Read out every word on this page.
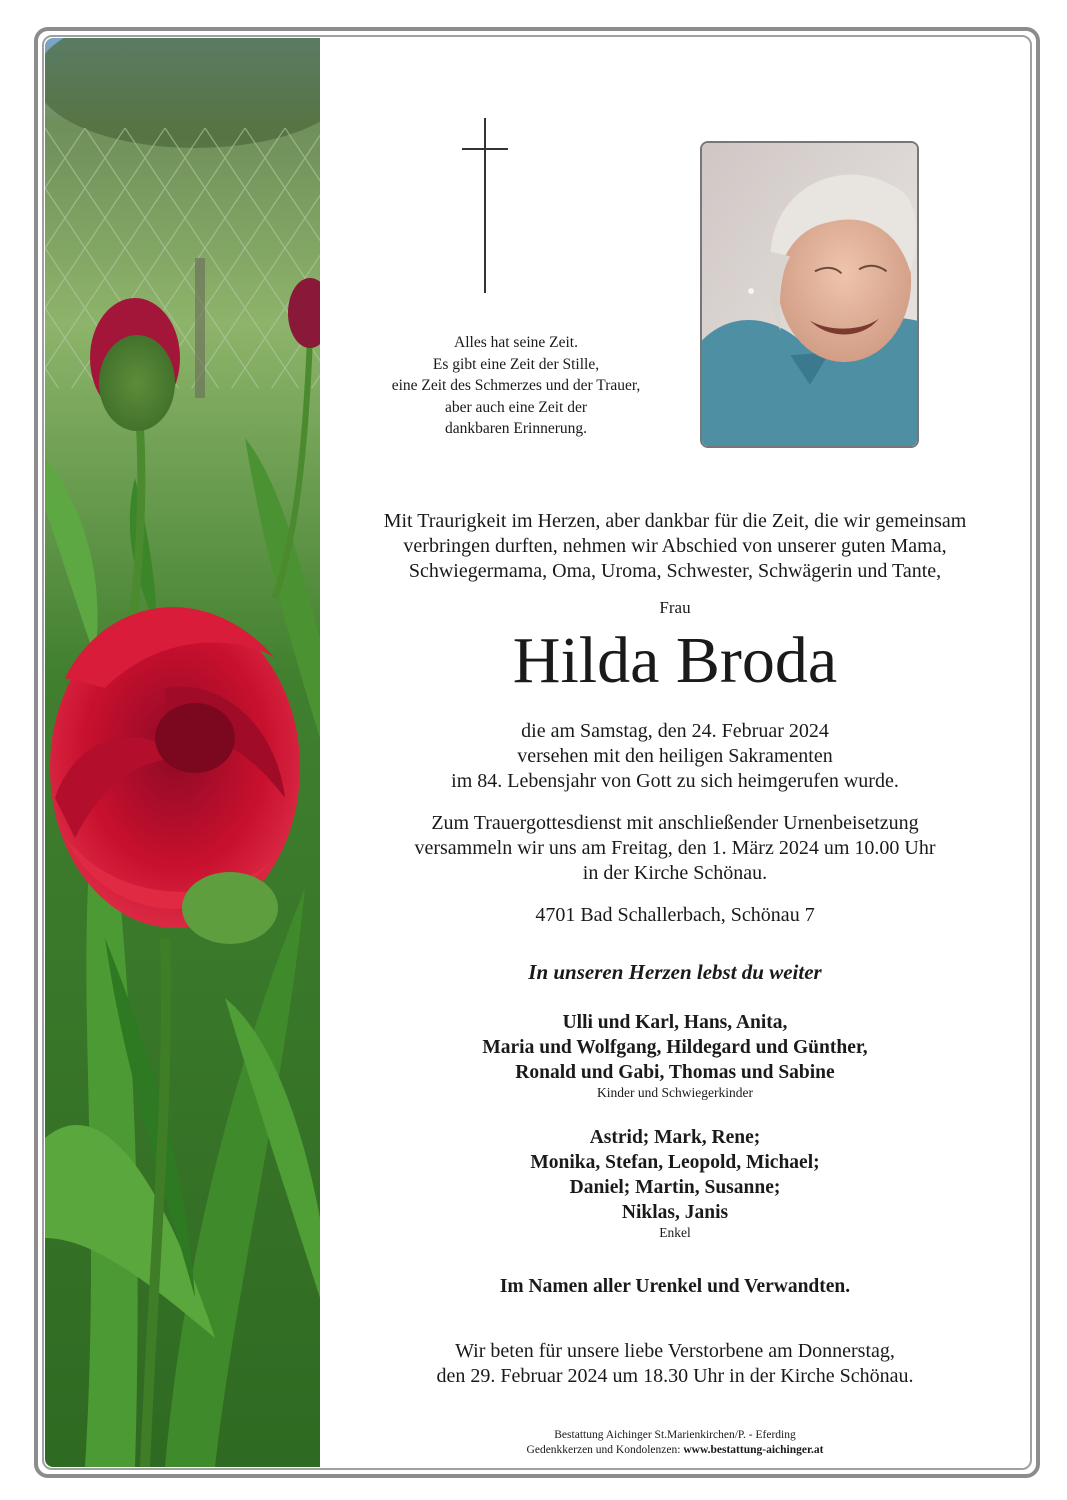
Alles hat seine Zeit.
Es gibt eine Zeit der Stille,
eine Zeit des Schmerzes und der Trauer,
aber auch eine Zeit der
dankbaren Erinnerung.
Mit Traurigkeit im Herzen, aber dankbar für die Zeit, die wir gemeinsam
verbringen durften, nehmen wir Abschied von unserer guten Mama,
Schwiegermama, Oma, Uroma, Schwester, Schwägerin und Tante,
Frau
Hilda Broda
die am Samstag, den 24. Februar 2024
versehen mit den heiligen Sakramenten
im 84. Lebensjahr von Gott zu sich heimgerufen wurde.
Zum Trauergottesdienst mit anschließender Urnenbeisetzung
versammeln wir uns am Freitag, den 1. März 2024 um 10.00 Uhr
in der Kirche Schönau.
4701 Bad Schallerbach, Schönau 7
In unseren Herzen lebst du weiter
Ulli und Karl, Hans, Anita,
Maria und Wolfgang, Hildegard und Günther,
Ronald und Gabi, Thomas und Sabine
Kinder und Schwiegerkinder
Astrid; Mark, Rene;
Monika, Stefan, Leopold, Michael;
Daniel; Martin, Susanne;
Niklas, Janis
Enkel
Im Namen aller Urenkel und Verwandten.
Wir beten für unsere liebe Verstorbene am Donnerstag,
den 29. Februar 2024 um 18.30 Uhr in der Kirche Schönau.
Bestattung Aichinger St.Marienkirchen/P. - Eferding
Gedenkkerzen und Kondolenzen: www.bestattung-aichinger.at
